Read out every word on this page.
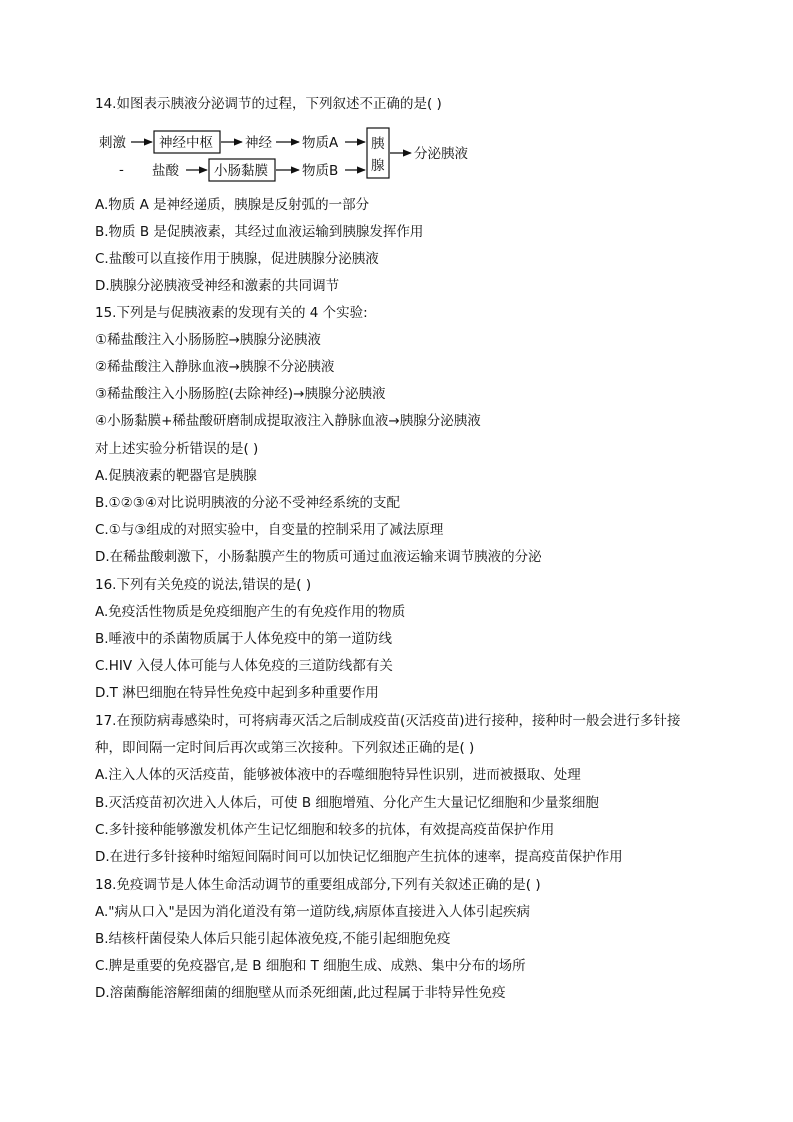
14.如图表示胰液分泌调节的过程，下列叙述不正确的是( )
刺激 神经中枢 神经 物质A
- 盐酸	小肠黏膜	物质B
胰
腺
分泌胰液
A.物质 A 是神经递质，胰腺是反射弧的一部分
B.物质 B 是促胰液素，其经过血液运输到胰腺发挥作用
C.盐酸可以直接作用于胰腺，促进胰腺分泌胰液
D.胰腺分泌胰液受神经和激素的共同调节
15.下列是与促胰液素的发现有关的 4 个实验:
①稀盐酸注入小肠肠腔→胰腺分泌胰液
②稀盐酸注入静脉血液→胰腺不分泌胰液
③稀盐酸注入小肠肠腔(去除神经)→胰腺分泌胰液
④小肠黏膜+稀盐酸研磨制成提取液注入静脉血液→胰腺分泌胰液
对上述实验分析错误的是( )
A.促胰液素的靶器官是胰腺
B.①②③④对比说明胰液的分泌不受神经系统的支配
C.①与③组成的对照实验中，自变量的控制采用了减法原理
D.在稀盐酸刺激下，小肠黏膜产生的物质可通过血液运输来调节胰液的分泌
16.下列有关免疫的说法,错误的是( )
A.免疫活性物质是免疫细胞产生的有免疫作用的物质
B.唾液中的杀菌物质属于人体免疫中的第一道防线
C.HIV 入侵人体可能与人体免疫的三道防线都有关
D.T 淋巴细胞在特异性免疫中起到多种重要作用
17.在预防病毒感染时，可将病毒灭活之后制成疫苗(灭活疫苗)进行接种，接种时一般会进行多针接
种，即间隔一定时间后再次或第三次接种。下列叙述正确的是( )
A.注入人体的灭活疫苗，能够被体液中的吞噬细胞特异性识别，进而被摄取、处理
B.灭活疫苗初次进入人体后，可使 B 细胞增殖、分化产生大量记忆细胞和少量浆细胞
C.多针接种能够激发机体产生记忆细胞和较多的抗体，有效提高疫苗保护作用
D.在进行多针接种时缩短间隔时间可以加快记忆细胞产生抗体的速率，提高疫苗保护作用
18.免疫调节是人体生命活动调节的重要组成部分,下列有关叙述正确的是( )
A."病从口入"是因为消化道没有第一道防线,病原体直接进入人体引起疾病
B.结核杆菌侵染人体后只能引起体液免疫,不能引起细胞免疫
C.脾是重要的免疫器官,是 B 细胞和 T 细胞生成、成熟、集中分布的场所
D.溶菌酶能溶解细菌的细胞壁从而杀死细菌,此过程属于非特异性免疫
